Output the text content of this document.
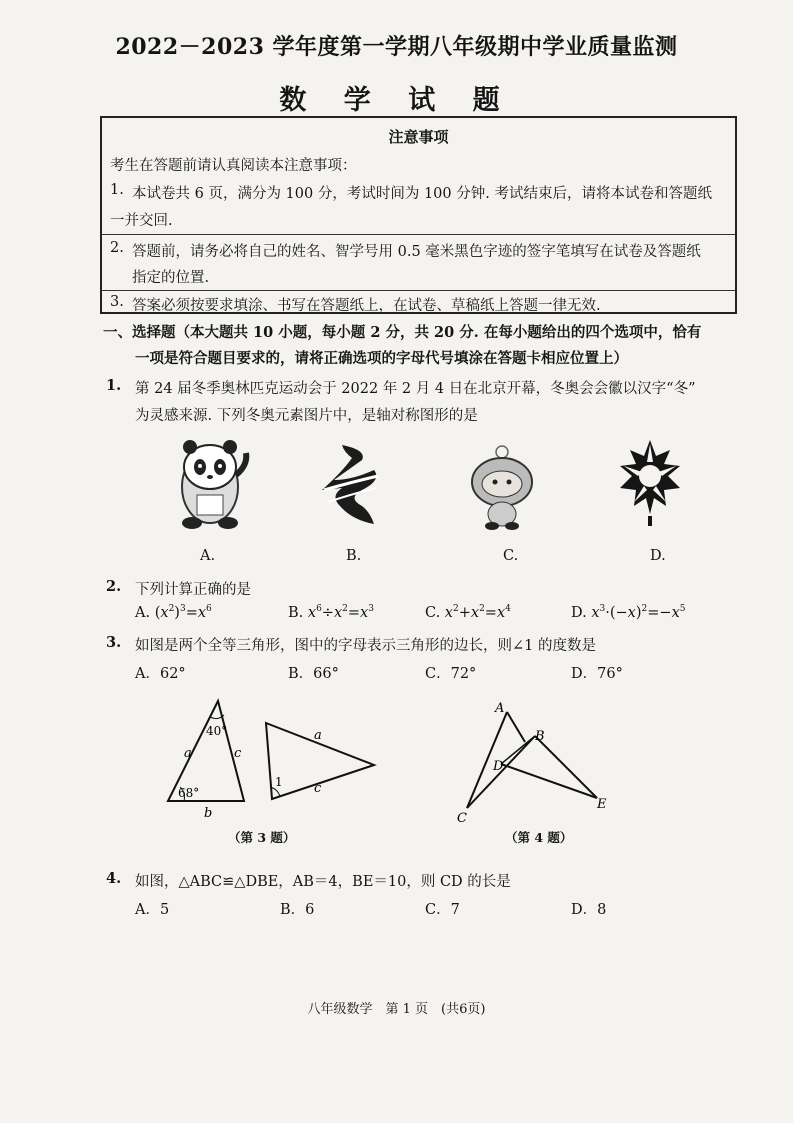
2022－2023 学年度第一学期八年级期中学业质量监测
数 学 试 题
注意事项
考生在答题前请认真阅读本注意事项：
1. 本试卷共 6 页，满分为 100 分，考试时间为 100 分钟. 考试结束后，请将本试卷和答题纸
一并交回.
2. 答题前，请务必将自己的姓名、智学号用 0.5 毫米黑色字迹的签字笔填写在试卷及答题纸
指定的位置.
3. 答案必须按要求填涂、书写在答题纸上，在试卷、草稿纸上答题一律无效.
一、选择题（本大题共 10 小题，每小题 2 分，共 20 分. 在每小题给出的四个选项中，恰有
一项是符合题目要求的，请将正确选项的字母代号填涂在答题卡相应位置上）
1. 第 24 届冬季奥林匹克运动会于 2022 年 2 月 4 日在北京开幕，冬奥会会徽以汉字“冬”
为灵感来源. 下列冬奥元素图片中，是轴对称图形的是
A.	B.	C.	D.
2. 下列计算正确的是
A. $(x^2)^3=x^6$	B. $x^6\div x^2=x^3$	C. $x^2+x^2=x^4$	D. $x^3\cdot(-x)^2=-x^5$
3. 如图是两个全等三角形，图中的字母表示三角形的边长，则∠1 的度数是
A．62°	B．66°	C．72°	D．76°
40°
68°
a	c
b
1
a
c
（第 3 题）
A
B
D
C
E
（第 4 题）
4. 如图，△ABC≌△DBE，AB＝4，BE＝10，则 CD 的长是
A．5	B．6	C．7	D．8
八年级数学　第 1 页　(共6页)
